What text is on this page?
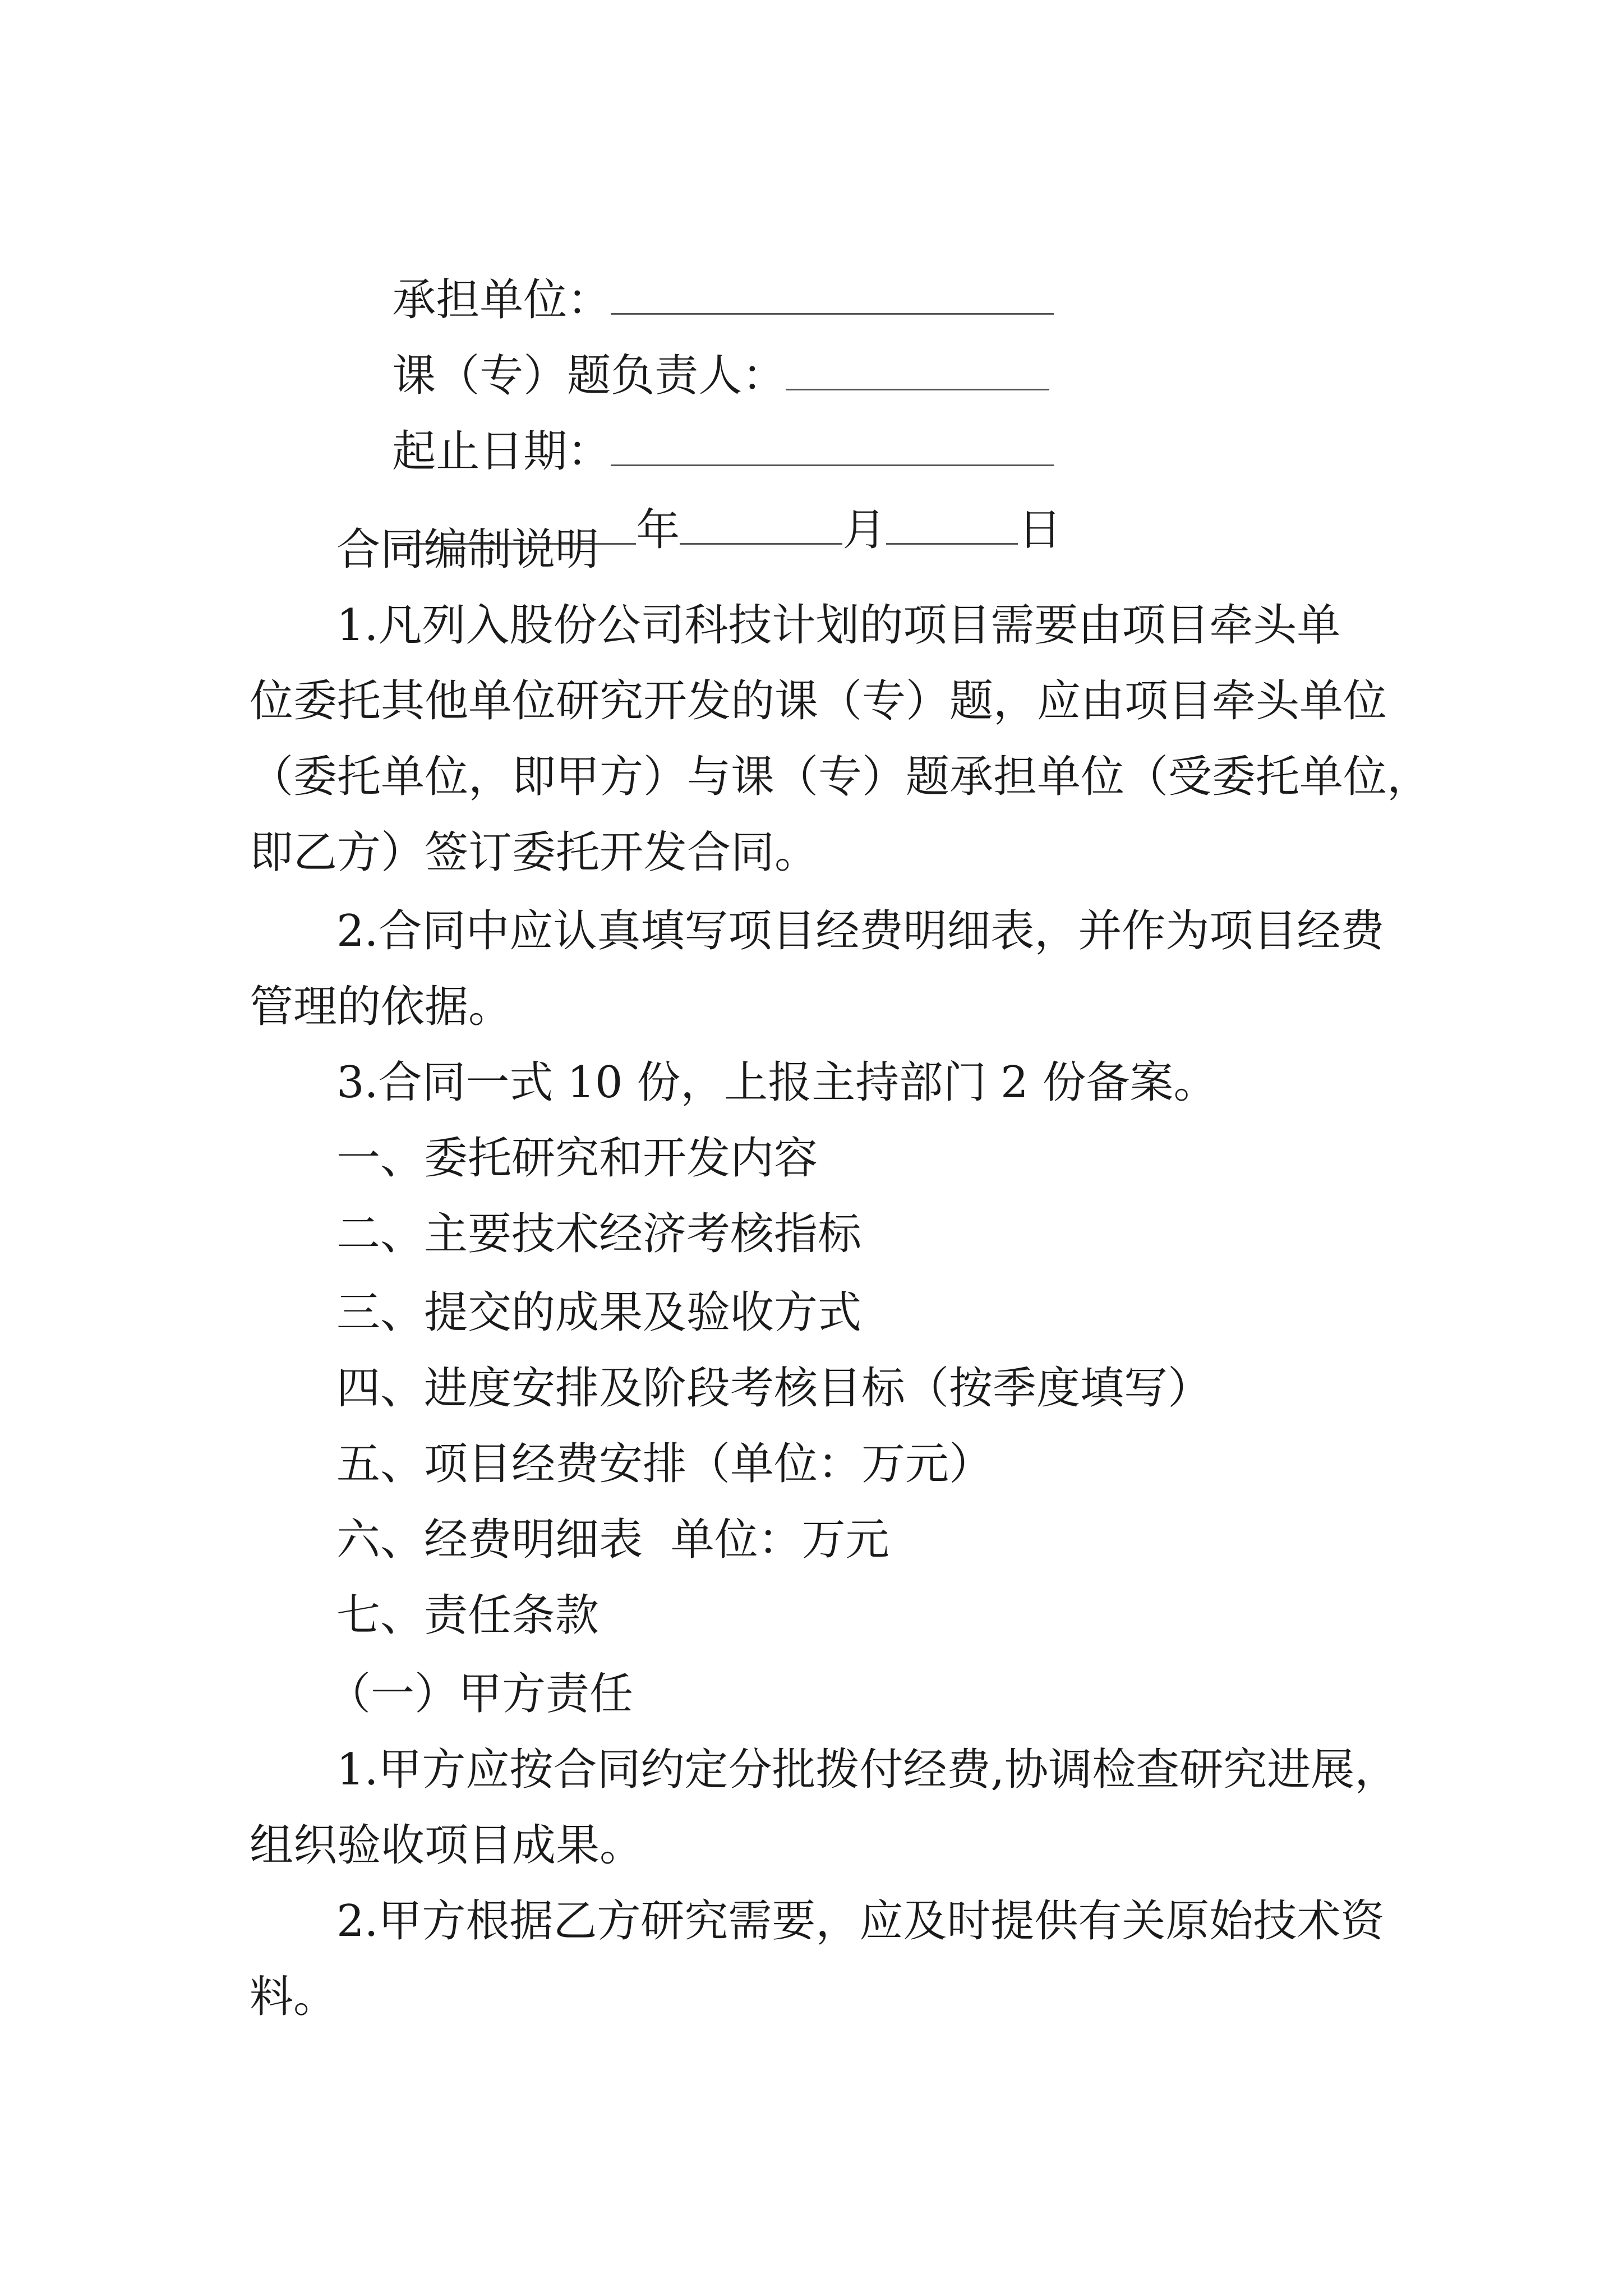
承担单位：

课（专）题负责人：

起止日期：

年	月	日

合同编制说明
1.凡列入股份公司科技计划的项目需要由项目牵头单
位委托其他单位研究开发的课（专）题，应由项目牵头单位
（委托单位，即甲方）与课（专）题承担单位（受委托单位，
即乙方）签订委托开发合同。
2.合同中应认真填写项目经费明细表，并作为项目经费
管理的依据。
3.合同一式 10 份，上报主持部门 2 份备案。
一、委托研究和开发内容
二、主要技术经济考核指标
三、提交的成果及验收方式
四、进度安排及阶段考核目标（按季度填写）
五、项目经费安排（单位：万元）
六、经费明细表  单位：万元
七、责任条款
（一）甲方责任
1.甲方应按合同约定分批拨付经费,协调检查研究进展，
组织验收项目成果。
2.甲方根据乙方研究需要，应及时提供有关原始技术资
料。
